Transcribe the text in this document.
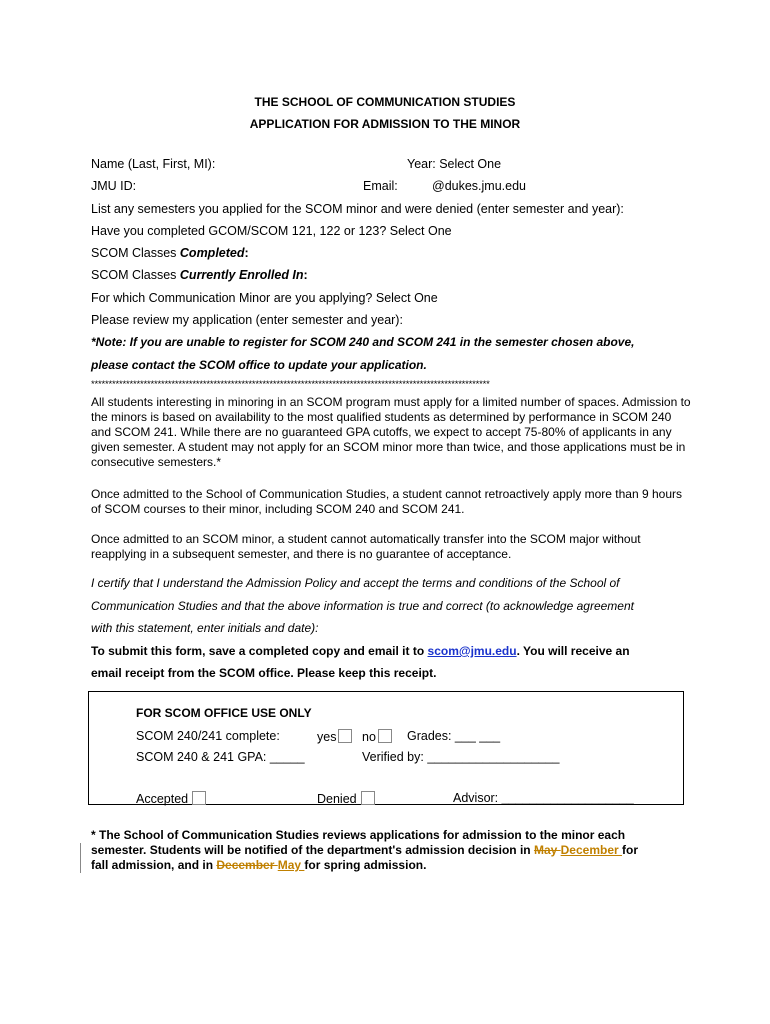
THE SCHOOL OF COMMUNICATION STUDIES
APPLICATION FOR ADMISSION TO THE MINOR
Name (Last, First, MI):	Year: Select One
JMU ID:	Email:	@dukes.jmu.edu
List any semesters you applied for the SCOM minor and were denied (enter semester and year):
Have you completed GCOM/SCOM 121, 122 or 123? Select One
SCOM Classes Completed:
SCOM Classes Currently Enrolled In:
For which Communication Minor are you applying? Select One
Please review my application (enter semester and year):
*Note: If you are unable to register for SCOM 240 and SCOM 241 in the semester chosen above,
please contact the SCOM office to update your application.
******************************************************************************************************************
All students interesting in minoring in an SCOM program must apply for a limited number of spaces. Admission to the minors is based on availability to the most qualified students as determined by performance in SCOM 240 and SCOM 241. While there are no guaranteed GPA cutoffs, we expect to accept 75-80% of applicants in any given semester. A student may not apply for an SCOM minor more than twice, and those applications must be in consecutive semesters.*
Once admitted to the School of Communication Studies, a student cannot retroactively apply more than 9 hours of SCOM courses to their minor, including SCOM 240 and SCOM 241.
Once admitted to an SCOM minor, a student cannot automatically transfer into the SCOM major without reapplying in a subsequent semester, and there is no guarantee of acceptance.
I certify that I understand the Admission Policy and accept the terms and conditions of the School of
Communication Studies and that the above information is true and correct (to acknowledge agreement
with this statement, enter initials and date):
To submit this form, save a completed copy and email it to scom@jmu.edu. You will receive an
email receipt from the SCOM office. Please keep this receipt.
FOR SCOM OFFICE USE ONLY
SCOM 240/241 complete:	yes	no	Grades: ___ ___
SCOM 240 & 241 GPA: _____	Verified by: ___________________
Accepted	Denied	Advisor: ___________________
* The School of Communication Studies reviews applications for admission to the minor each
semester. Students will be notified of the department's admission decision in May December for
fall admission, and in December May for spring admission.
